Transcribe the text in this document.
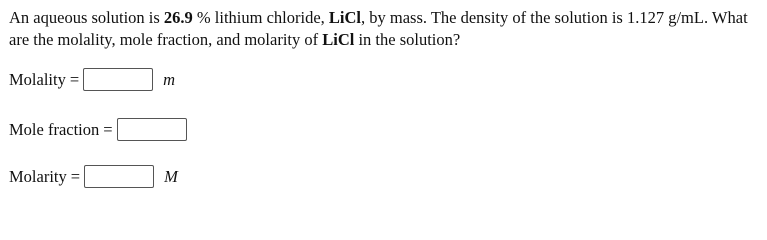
An aqueous solution is 26.9 % lithium chloride, LiCl, by mass. The density of the solution is 1.127 g/mL. What are the molality, mole fraction, and molarity of LiCl in the solution?

Molality =	m
Mole fraction =
Molarity =	M
